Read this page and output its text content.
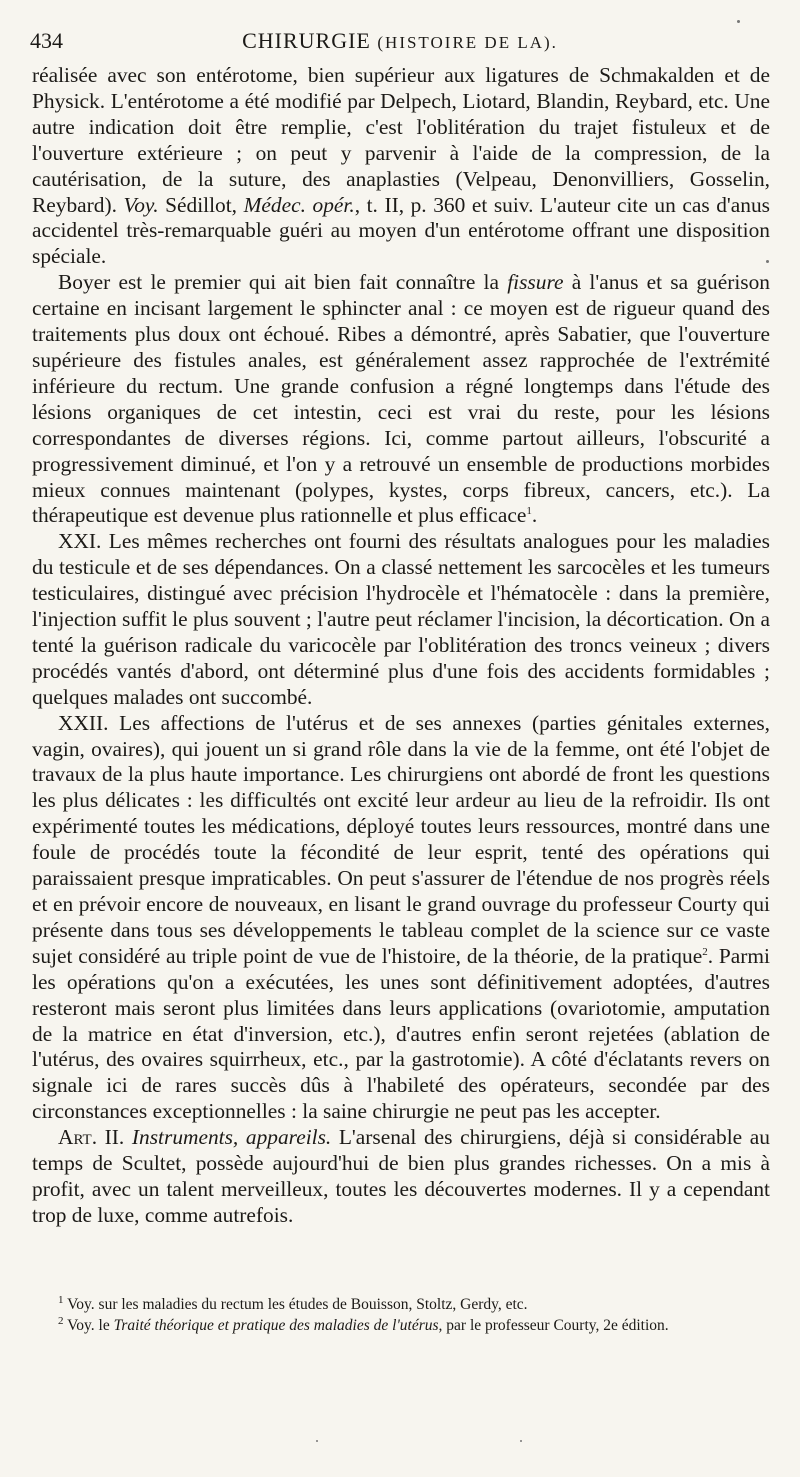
434	CHIRURGIE (HISTOIRE DE LA).

réalisée avec son entérotome, bien supérieur aux ligatures de Schmakalden et de Physick. L'entérotome a été modifié par Delpech, Liotard, Blandin, Reybard, etc. Une autre indication doit être remplie, c'est l'oblitération du trajet fistuleux et de l'ouverture extérieure ; on peut y parvenir à l'aide de la compression, de la cautérisation, de la suture, des anaplasties (Velpeau, Denonvilliers, Gosselin, Reybard). Voy. Sédillot, Médec. opér., t. II, p. 360 et suiv. L'auteur cite un cas d'anus accidentel très-remarquable guéri au moyen d'un entérotome offrant une disposition spéciale.

Boyer est le premier qui ait bien fait connaître la fissure à l'anus et sa guérison certaine en incisant largement le sphincter anal : ce moyen est de rigueur quand des traitements plus doux ont échoué. Ribes a démontré, après Sabatier, que l'ouverture supérieure des fistules anales, est généralement assez rapprochée de l'extrémité inférieure du rectum. Une grande confusion a régné longtemps dans l'étude des lésions organiques de cet intestin, ceci est vrai du reste, pour les lésions correspondantes de diverses régions. Ici, comme partout ailleurs, l'obscurité a progressivement diminué, et l'on y a retrouvé un ensemble de productions morbides mieux connues maintenant (polypes, kystes, corps fibreux, cancers, etc.). La thérapeutique est devenue plus rationnelle et plus efficace$^1$.

XXI. Les mêmes recherches ont fourni des résultats analogues pour les maladies du testicule et de ses dépendances. On a classé nettement les sarcocèles et les tumeurs testiculaires, distingué avec précision l'hydrocèle et l'hématocèle : dans la première, l'injection suffit le plus souvent ; l'autre peut réclamer l'incision, la décortication. On a tenté la guérison radicale du varicocèle par l'oblitération des troncs veineux ; divers procédés vantés d'abord, ont déterminé plus d'une fois des accidents formidables ; quelques malades ont succombé.

XXII. Les affections de l'utérus et de ses annexes (parties génitales externes, vagin, ovaires), qui jouent un si grand rôle dans la vie de la femme, ont été l'objet de travaux de la plus haute importance. Les chirurgiens ont abordé de front les questions les plus délicates : les difficultés ont excité leur ardeur au lieu de la refroidir. Ils ont expérimenté toutes les médications, déployé toutes leurs ressources, montré dans une foule de procédés toute la fécondité de leur esprit, tenté des opérations qui paraissaient presque impraticables. On peut s'assurer de l'étendue de nos progrès réels et en prévoir encore de nouveaux, en lisant le grand ouvrage du professeur Courty qui présente dans tous ses développements le tableau complet de la science sur ce vaste sujet considéré au triple point de vue de l'histoire, de la théorie, de la pratique$^2$. Parmi les opérations qu'on a exécutées, les unes sont définitivement adoptées, d'autres resteront mais seront plus limitées dans leurs applications (ovariotomie, amputation de la matrice en état d'inversion, etc.), d'autres enfin seront rejetées (ablation de l'utérus, des ovaires squirrheux, etc., par la gastrotomie). A côté d'éclatants revers on signale ici de rares succès dûs à l'habileté des opérateurs, secondée par des circonstances exceptionnelles : la saine chirurgie ne peut pas les accepter.

Art. II. Instruments, appareils. L'arsenal des chirurgiens, déjà si considérable au temps de Scultet, possède aujourd'hui de bien plus grandes richesses. On a mis à profit, avec un talent merveilleux, toutes les découvertes modernes. Il y a cependant trop de luxe, comme autrefois.

$^1$ Voy. sur les maladies du rectum les études de Bouisson, Stoltz, Gerdy, etc.

$^2$ Voy. le Traité théorique et pratique des maladies de l'utérus, par le professeur Courty, 2e édition.
